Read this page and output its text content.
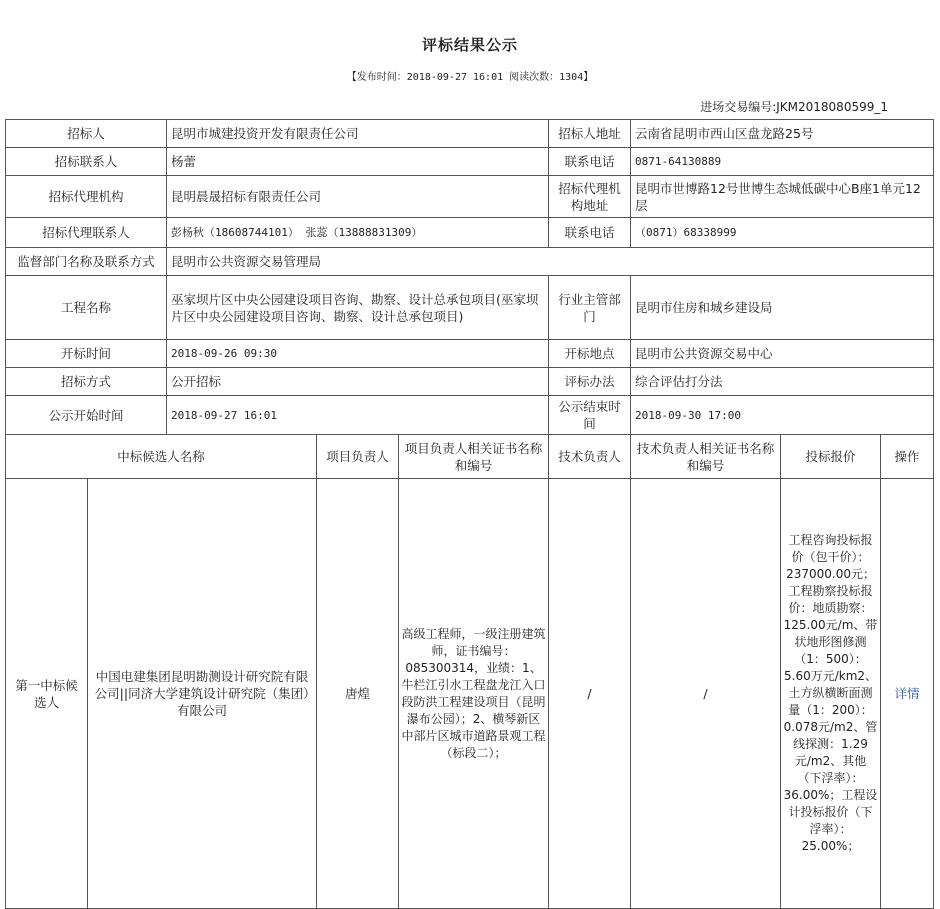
评标结果公示
【发布时间：2018-09-27 16:01 阅读次数：1304】
进场交易编号:JKM2018080599_1
招标人		昆明市城建投资开发有限责任公司			招标人地址	云南省昆明市西山区盘龙路25号		
招标联系人		杨蕾			联系电话	0871-64130889		
招标代理机构		昆明晨晟招标有限责任公司			招标代理机构地址	昆明市世博路12号世博生态城低碳中心B座1单元12层		
招标代理联系人		彭杨秋（18608744101） 张蕊（13888831309）			联系电话	（0871）68338999		
监督部门名称及联系方式		昆明市公共资源交易管理局						
工程名称		巫家坝片区中央公园建设项目咨询、勘察、设计总承包项目(巫家坝片区中央公园建设项目咨询、勘察、设计总承包项目)			行业主管部门	昆明市住房和城乡建设局		
开标时间		2018-09-26 09:30			开标地点	昆明市公共资源交易中心		
招标方式		公开招标			评标办法	综合评估打分法		
公示开始时间		2018-09-27 16:01			公示结束时间	2018-09-30 17:00		
中标候选人名称			项目负责人	项目负责人相关证书名称和编号	技术负责人	技术负责人相关证书名称和编号	投标报价	操作
第一中标候选人	中国电建集团昆明勘测设计研究院有限公司||同济大学建筑设计研究院（集团）有限公司		唐煌	高级工程师，一级注册建筑师，证书编号：085300314，业绩：1、牛栏江引水工程盘龙江入口段防洪工程建设项目（昆明瀑布公园）；2、横琴新区中部片区城市道路景观工程（标段二）；	/	/	工程咨询投标报价（包干价）：237000.00元；工程勘察投标报价：地质勘察：125.00元/m、带状地形图修测（1：500）：5.60万元/km2、土方纵横断面测量（1：200）：0.078元/m2、管线探测：1.29元/m2、其他（下浮率）：36.00%；工程设计投标报价（下浮率）：25.00%；	详情
